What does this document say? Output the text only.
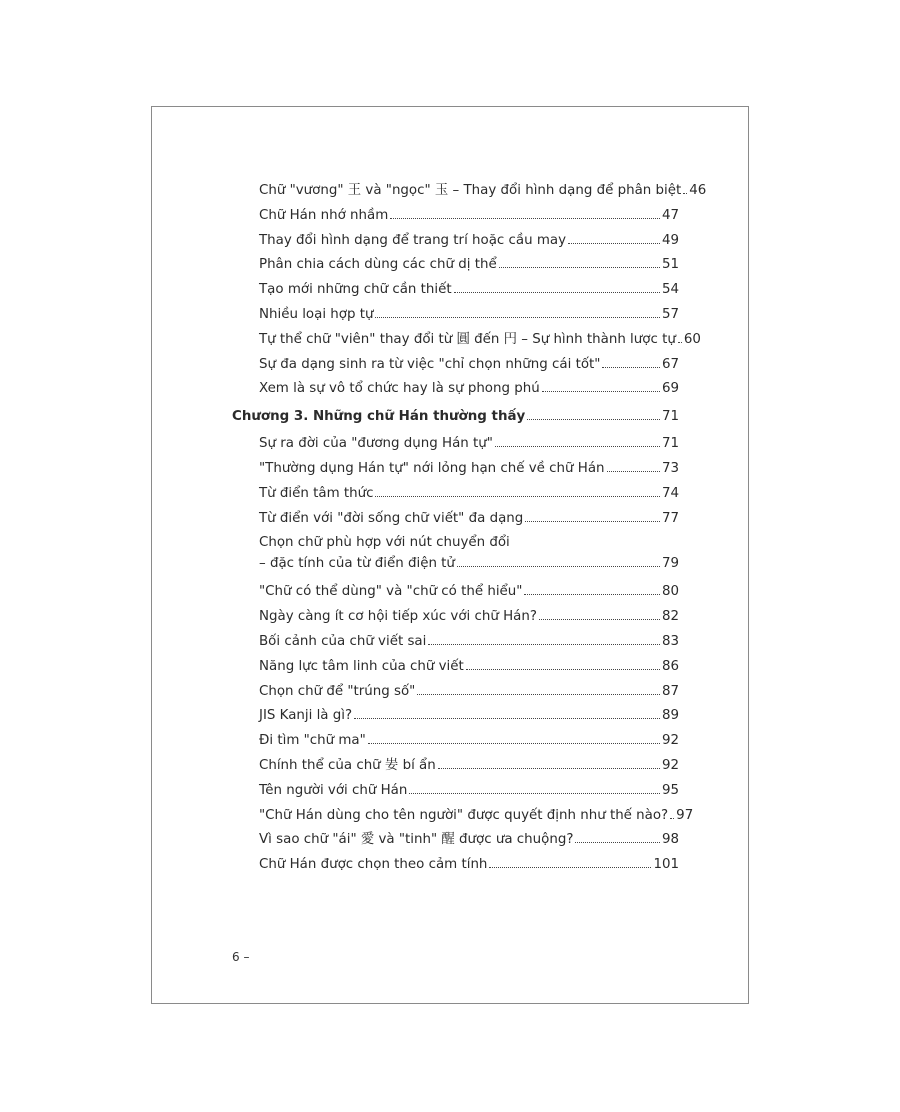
Chữ "vương" 王 và "ngọc" 玉 – Thay đổi hình dạng để phân biệt 46
Chữ Hán nhớ nhầm	47
Thay đổi hình dạng để trang trí hoặc cầu may	49
Phân chia cách dùng các chữ dị thể	51
Tạo mới những chữ cần thiết	54
Nhiều loại hợp tự	57
Tự thể chữ "viên" thay đổi từ 圓 đến 円 – Sự hình thành lược tự 60
Sự đa dạng sinh ra từ việc "chỉ chọn những cái tốt"	67
Xem là sự vô tổ chức hay là sự phong phú	69
Chương 3. Những chữ Hán thường thấy	71
Sự ra đời của "đương dụng Hán tự"	71
"Thường dụng Hán tự" nới lỏng hạn chế về chữ Hán	73
Từ điển tâm thức	74
Từ điển với "đời sống chữ viết" đa dạng	77
Chọn chữ phù hợp với nút chuyển đổi
– đặc tính của từ điển điện tử	79
"Chữ có thể dùng" và "chữ có thể hiểu"	80
Ngày càng ít cơ hội tiếp xúc với chữ Hán?	82
Bối cảnh của chữ viết sai	83
Năng lực tâm linh của chữ viết	86
Chọn chữ để "trúng số"	87
JIS Kanji là gì?	89
Đi tìm "chữ ma"	92
Chính thể của chữ 妛 bí ẩn	92
Tên người với chữ Hán	95
"Chữ Hán dùng cho tên người" được quyết định như thế nào? 97
Vì sao chữ "ái" 愛 và "tinh" 醒 được ưa chuộng?	98
Chữ Hán được chọn theo cảm tính	101
6 –
